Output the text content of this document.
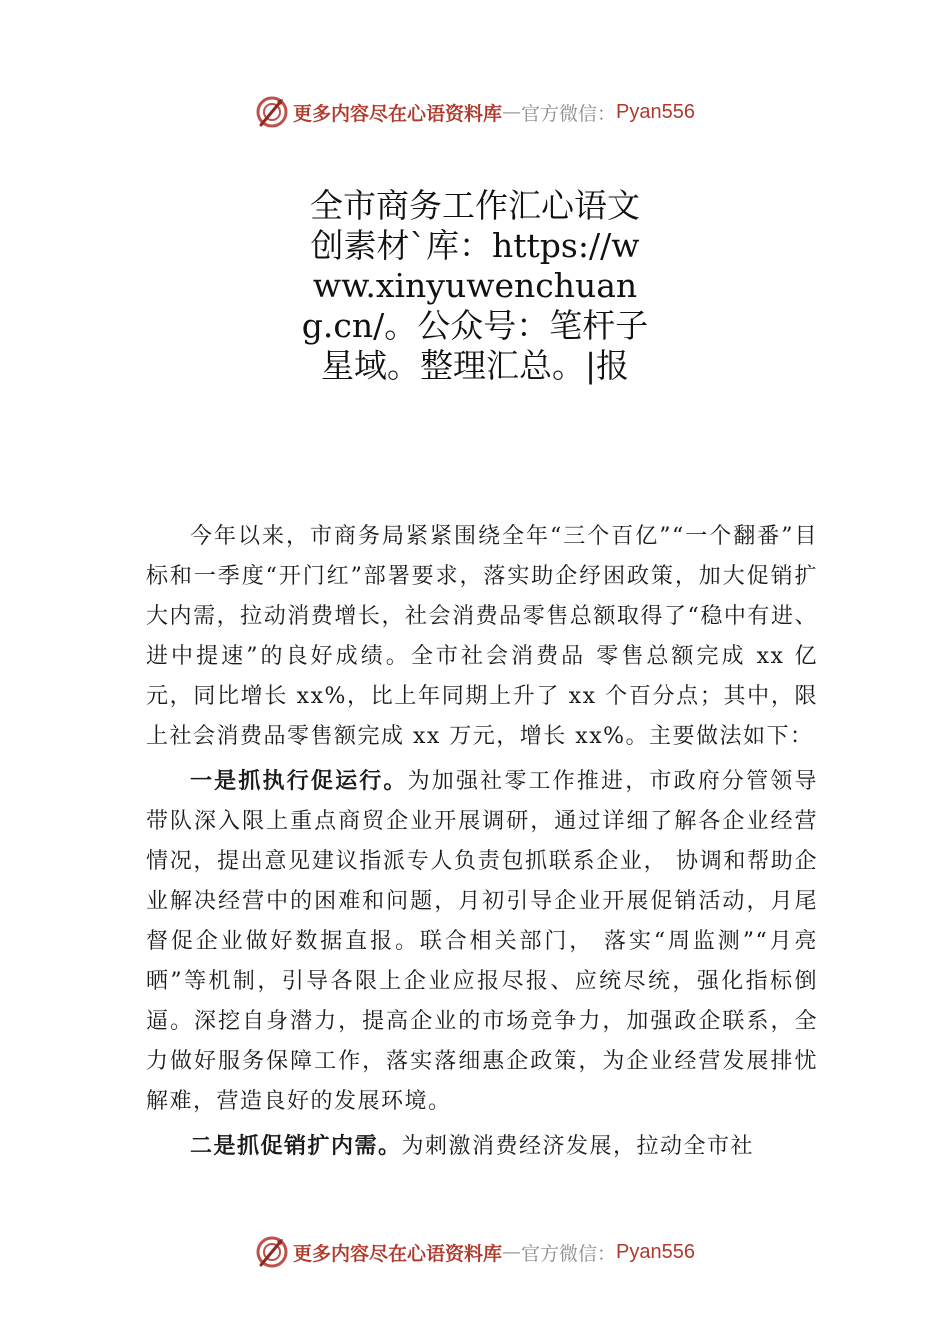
更多内容尽在心语资料库 — 官方微信： Pyan556
全市商务工作汇心语文创素材`库：https://www.xinyuwenchuang.cn/。公众号：笔杆子星域。整理汇总。|报

今年以来，市商务局紧紧围绕全年“三个百亿”“一个翻番”目标和一季度“开门红”部署要求，落实助企纾困政策，加大促销扩大内需，拉动消费增长，社会消费品零售总额取得了“稳中有进、进中提速”的良好成绩。全市社会消费品 零售总额完成 xx 亿元，同比增长 xx%，比上年同期上升了 xx 个百分点；其中，限上社会消费品零售额完成 xx 万元，增长 xx%。主要做法如下：

一是抓执行促运行。为加强社零工作推进，市政府分管领导带队深入限上重点商贸企业开展调研，通过详细了解各企业经营情况，提出意见建议指派专人负责包抓联系企业， 协调和帮助企业解决经营中的困难和问题，月初引导企业开展促销活动，月尾督促企业做好数据直报。联合相关部门， 落实“周监测”“月亮晒”等机制，引导各限上企业应报尽报、应统尽统，强化指标倒逼。深挖自身潜力，提高企业的市场竞争力，加强政企联系，全力做好服务保障工作，落实落细惠企政策，为企业经营发展排忧解难，营造良好的发展环境。

二是抓促销扩内需。为刺激消费经济发展，拉动全市社

更多内容尽在心语资料库 — 官方微信： Pyan556
